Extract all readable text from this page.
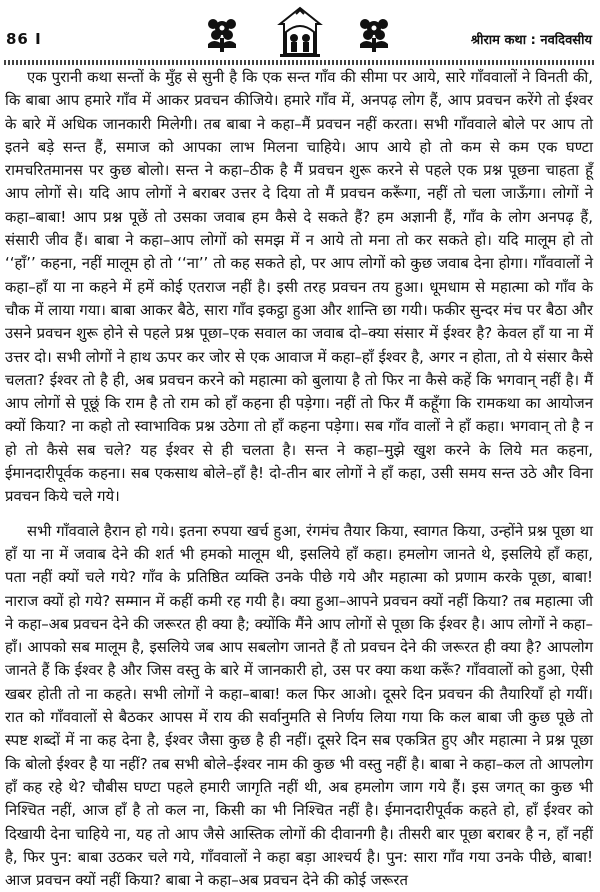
86 I	श्रीराम कथा : नवदिवसीय

एक पुरानी कथा सन्तों के मुँह से सुनी है कि एक सन्त गाँव की सीमा पर आये, सारे गाँववालों ने विनती की, कि बाबा आप हमारे गाँव में आकर प्रवचन कीजिये। हमारे गाँव में, अनपढ़ लोग हैं, आप प्रवचन करेंगे तो ईश्वर के बारे में अधिक जानकारी मिलेगी। तब बाबा ने कहा–मैं प्रवचन नहीं करता। सभी गाँववाले बोले पर आप तो इतने बड़े सन्त हैं, समाज को आपका लाभ मिलना चाहिये। आप आये हो तो कम से कम एक घण्टा रामचरितमानस पर कुछ बोलो। सन्त ने कहा–ठीक है मैं प्रवचन शुरू करने से पहले एक प्रश्न पूछना चाहता हूँ आप लोगों से। यदि आप लोगों ने बराबर उत्तर दे दिया तो मैं प्रवचन करूँगा, नहीं तो चला जाऊँगा। लोगों ने कहा–बाबा! आप प्रश्न पूछें तो उसका जवाब हम कैसे दे सकते हैं? हम अज्ञानी हैं, गाँव के लोग अनपढ़ हैं, संसारी जीव हैं। बाबा ने कहा–आप लोगों को समझ में न आये तो मना तो कर सकते हो। यदि मालूम हो तो ‘‘हाँ’’ कहना, नहीं मालूम हो तो ‘‘ना’’ तो कह सकते हो, पर आप लोगों को कुछ जवाब देना होगा। गाँववालों ने कहा–हाँ या ना कहने में हमें कोई एतराज नहीं है। इसी तरह प्रवचन तय हुआ। धूमधाम से महात्मा को गाँव के चौक में लाया गया। बाबा आकर बैठे, सारा गाँव इकट्ठा हुआ और शान्ति छा गयी। फकीर सुन्दर मंच पर बैठा और उसने प्रवचन शुरू होने से पहले प्रश्न पूछा–एक सवाल का जवाब दो–क्या संसार में ईश्वर है? केवल हाँ या ना में उत्तर दो। सभी लोगों ने हाथ ऊपर कर जोर से एक आवाज में कहा–हाँ ईश्वर है, अगर न होता, तो ये संसार कैसे चलता? ईश्वर तो है ही, अब प्रवचन करने को महात्मा को बुलाया है तो फिर ना कैसे कहें कि भगवान् नहीं है। मैं आप लोगों से पूछूं कि राम है तो राम को हाँ कहना ही पड़ेगा। नहीं तो फिर मैं कहूँगा कि रामकथा का आयोजन क्यों किया? ना कहो तो स्वाभाविक प्रश्न उठेगा तो हाँ कहना पड़ेगा। सब गाँव वालों ने हाँ कहा। भगवान् तो है न हो तो कैसे सब चले? यह ईश्वर से ही चलता है। सन्त ने कहा–मुझे खुश करने के लिये मत कहना, ईमानदारीपूर्वक कहना। सब एकसाथ बोले–हाँ है! दो-तीन बार लोगों ने हाँ कहा, उसी समय सन्त उठे और विना प्रवचन किये चले गये।

सभी गाँववाले हैरान हो गये। इतना रुपया खर्च हुआ, रंगमंच तैयार किया, स्वागत किया, उन्होंने प्रश्न पूछा था हाँ या ना में जवाब देने की शर्त भी हमको मालूम थी, इसलिये हाँ कहा। हमलोग जानते थे, इसलिये हाँ कहा, पता नहीं क्यों चले गये? गाँव के प्रतिष्ठित व्यक्ति उनके पीछे गये और महात्मा को प्रणाम करके पूछा, बाबा! नाराज क्यों हो गये? सम्मान में कहीं कमी रह गयी है। क्या हुआ–आपने प्रवचन क्यों नहीं किया? तब महात्मा जी ने कहा–अब प्रवचन देने की जरूरत ही क्या है; क्योंकि मैंने आप लोगों से पूछा कि ईश्वर है। आप लोगों ने कहा–हाँ। आपको सब मालूम है, इसलिये जब आप सबलोग जानते हैं तो प्रवचन देने की जरूरत ही क्या है? आपलोग जानते हैं कि ईश्वर है और जिस वस्तु के बारे में जानकारी हो, उस पर क्या कथा करूँ? गाँववालों को हुआ, ऐसी खबर होती तो ना कहते। सभी लोगों ने कहा–बाबा! कल फिर आओ। दूसरे दिन प्रवचन की तैयारियाँ हो गयीं। रात को गाँववालों से बैठकर आपस में राय की सर्वानुमति से निर्णय लिया गया कि कल बाबा जी कुछ पूछे तो स्पष्ट शब्दों में ना कह देना है, ईश्वर जैसा कुछ है ही नहीं। दूसरे दिन सब एकत्रित हुए और महात्मा ने प्रश्न पूछा कि बोलो ईश्वर है या नहीं? तब सभी बोले–ईश्वर नाम की कुछ भी वस्तु नहीं है। बाबा ने कहा–कल तो आपलोग हाँ कह रहे थे? चौबीस घण्टा पहले हमारी जागृति नहीं थी, अब हमलोग जाग गये हैं। इस जगत् का कुछ भी निश्चित नहीं, आज हाँ है तो कल ना, किसी का भी निश्चित नहीं है। ईमानदारीपूर्वक कहते हो, हाँ ईश्वर को दिखायी देना चाहिये ना, यह तो आप जैसे आस्तिक लोगों की दीवानगी है। तीसरी बार पूछा बराबर है न, हाँ नहीं है, फिर पुन: बाबा उठकर चले गये, गाँववालों ने कहा बड़ा आश्चर्य है। पुन: सारा गाँव गया उनके पीछे, बाबा! आज प्रवचन क्यों नहीं किया? बाबा ने कहा–अब प्रवचन देने की कोई जरूरत
